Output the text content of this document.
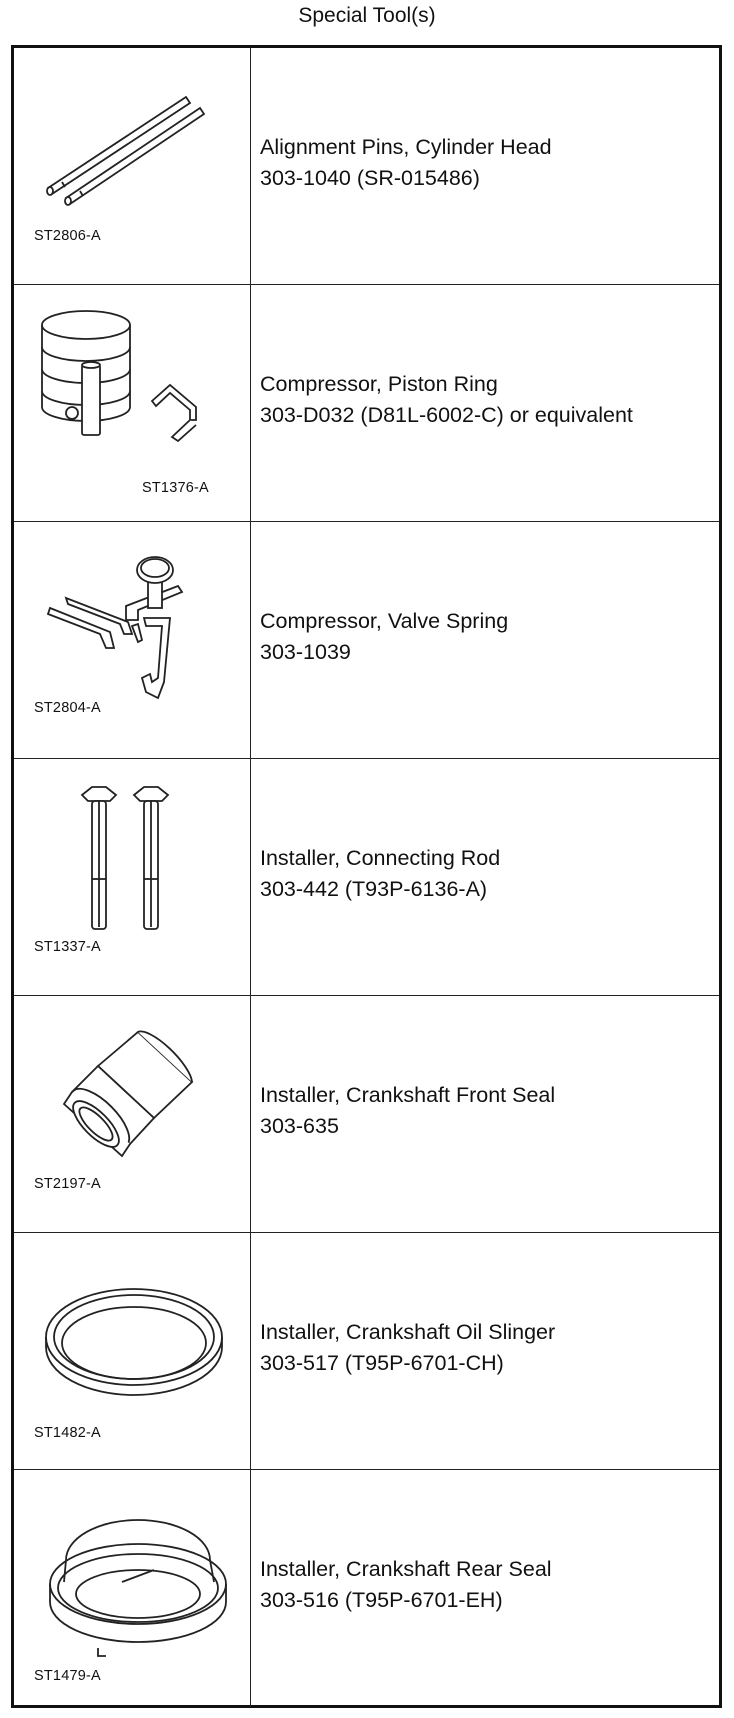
Special Tool(s)
ST2806-A
Alignment Pins, Cylinder Head
303-1040 (SR-015486)
ST1376-A
Compressor, Piston Ring
303-D032 (D81L-6002-C) or equivalent
ST2804-A
Compressor, Valve Spring
303-1039
ST1337-A
Installer, Connecting Rod
303-442 (T93P-6136-A)
ST2197-A
Installer, Crankshaft Front Seal
303-635
ST1482-A
Installer, Crankshaft Oil Slinger
303-517 (T95P-6701-CH)
ST1479-A
Installer, Crankshaft Rear Seal
303-516 (T95P-6701-EH)
